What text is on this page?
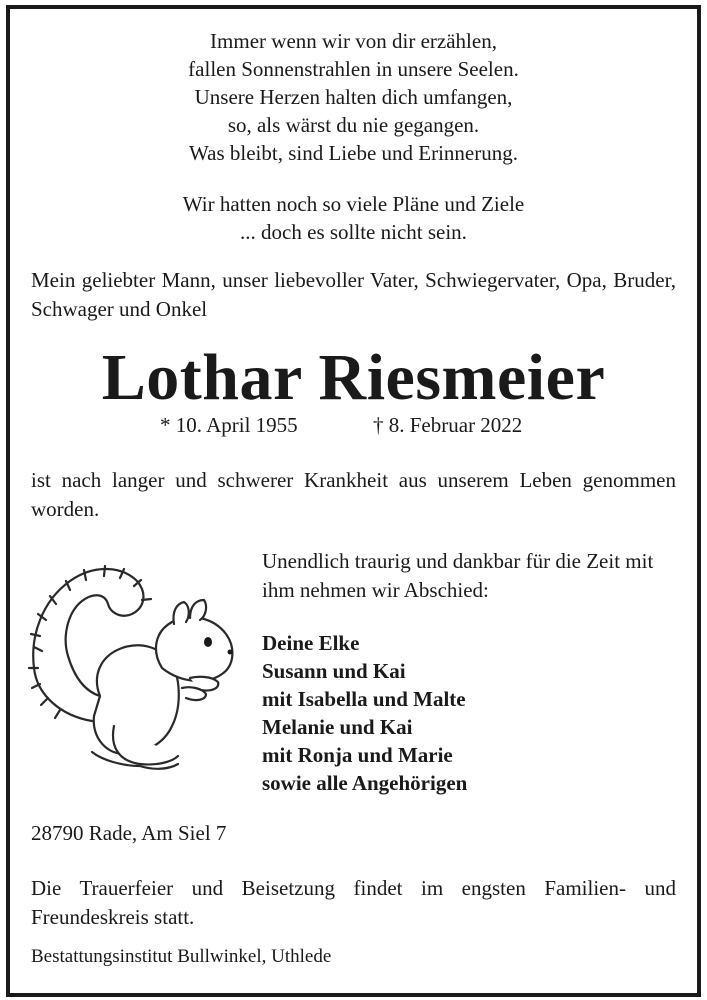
Immer wenn wir von dir erzählen,
fallen Sonnenstrahlen in unsere Seelen.
Unsere Herzen halten dich umfangen,
so, als wärst du nie gegangen.
Was bleibt, sind Liebe und Erinnerung.
Wir hatten noch so viele Pläne und Ziele
... doch es sollte nicht sein.
Mein geliebter Mann, unser liebevoller Vater, Schwiegervater, Opa, Bruder, Schwager und Onkel
Lothar Riesmeier
* 10. April 1955	† 8. Februar 2022
ist nach langer und schwerer Krankheit aus unserem Leben genommen worden.
Unendlich traurig und dankbar für die Zeit mit ihm nehmen wir Abschied:
Deine Elke
Susann und Kai
mit Isabella und Malte
Melanie und Kai
mit Ronja und Marie
sowie alle Angehörigen
28790 Rade, Am Siel 7
Die Trauerfeier und Beisetzung findet im engsten Familien- und Freundeskreis statt.
Bestattungsinstitut Bullwinkel, Uthlede
